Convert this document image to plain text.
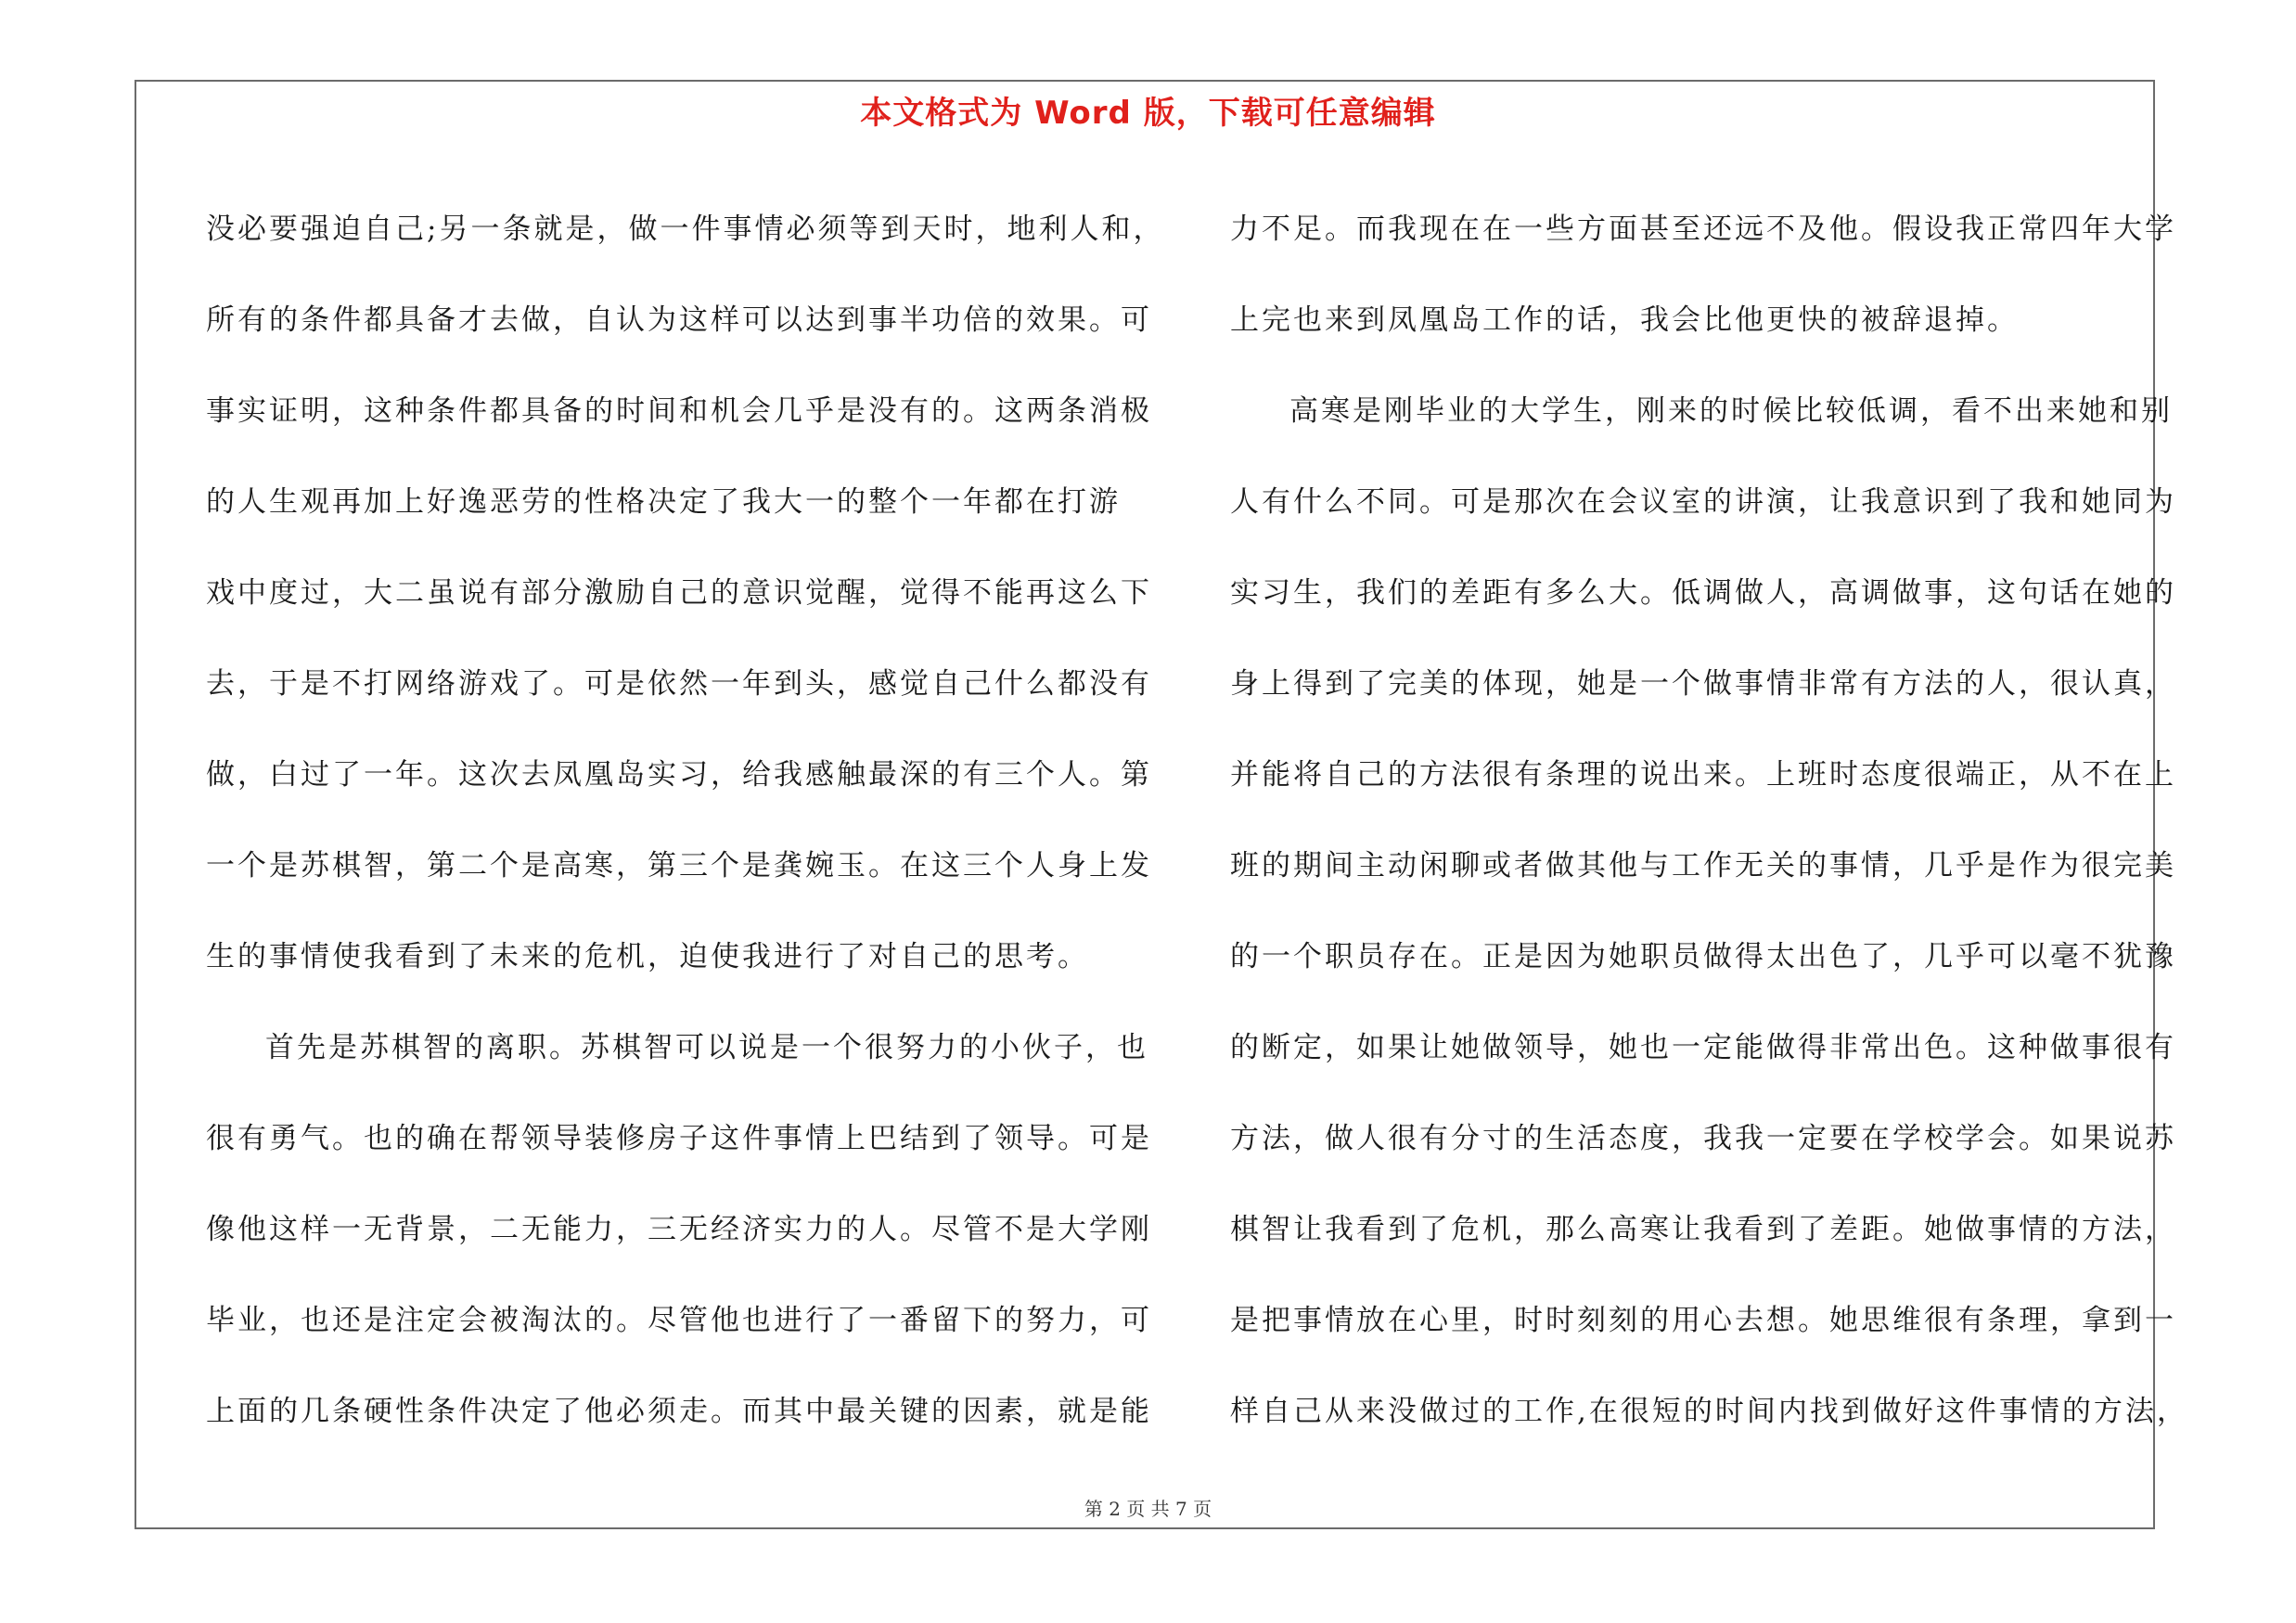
本文格式为 Word 版，下载可任意编辑
没必要强迫自己;另一条就是，做一件事情必须等到天时，地利人和，
所有的条件都具备才去做，自认为这样可以达到事半功倍的效果。可
事实证明，这种条件都具备的时间和机会几乎是没有的。这两条消极
的人生观再加上好逸恶劳的性格决定了我大一的整个一年都在打游
戏中度过，大二虽说有部分激励自己的意识觉醒，觉得不能再这么下
去，于是不打网络游戏了。可是依然一年到头，感觉自己什么都没有
做，白过了一年。这次去凤凰岛实习，给我感触最深的有三个人。第
一个是苏棋智，第二个是高寒，第三个是龚婉玉。在这三个人身上发
生的事情使我看到了未来的危机，迫使我进行了对自己的思考。
首先是苏棋智的离职。苏棋智可以说是一个很努力的小伙子，也
很有勇气。也的确在帮领导装修房子这件事情上巴结到了领导。可是
像他这样一无背景，二无能力，三无经济实力的人。尽管不是大学刚
毕业，也还是注定会被淘汰的。尽管他也进行了一番留下的努力，可
上面的几条硬性条件决定了他必须走。而其中最关键的因素，就是能
力不足。而我现在在一些方面甚至还远不及他。假设我正常四年大学
上完也来到凤凰岛工作的话，我会比他更快的被辞退掉。
高寒是刚毕业的大学生，刚来的时候比较低调，看不出来她和别
人有什么不同。可是那次在会议室的讲演，让我意识到了我和她同为
实习生，我们的差距有多么大。低调做人，高调做事，这句话在她的
身上得到了完美的体现，她是一个做事情非常有方法的人，很认真，
并能将自己的方法很有条理的说出来。上班时态度很端正，从不在上
班的期间主动闲聊或者做其他与工作无关的事情，几乎是作为很完美
的一个职员存在。正是因为她职员做得太出色了，几乎可以毫不犹豫
的断定，如果让她做领导，她也一定能做得非常出色。这种做事很有
方法，做人很有分寸的生活态度，我我一定要在学校学会。如果说苏
棋智让我看到了危机，那么高寒让我看到了差距。她做事情的方法，
是把事情放在心里，时时刻刻的用心去想。她思维很有条理，拿到一
样自己从来没做过的工作,在很短的时间内找到做好这件事情的方法，
第 2 页 共 7 页
